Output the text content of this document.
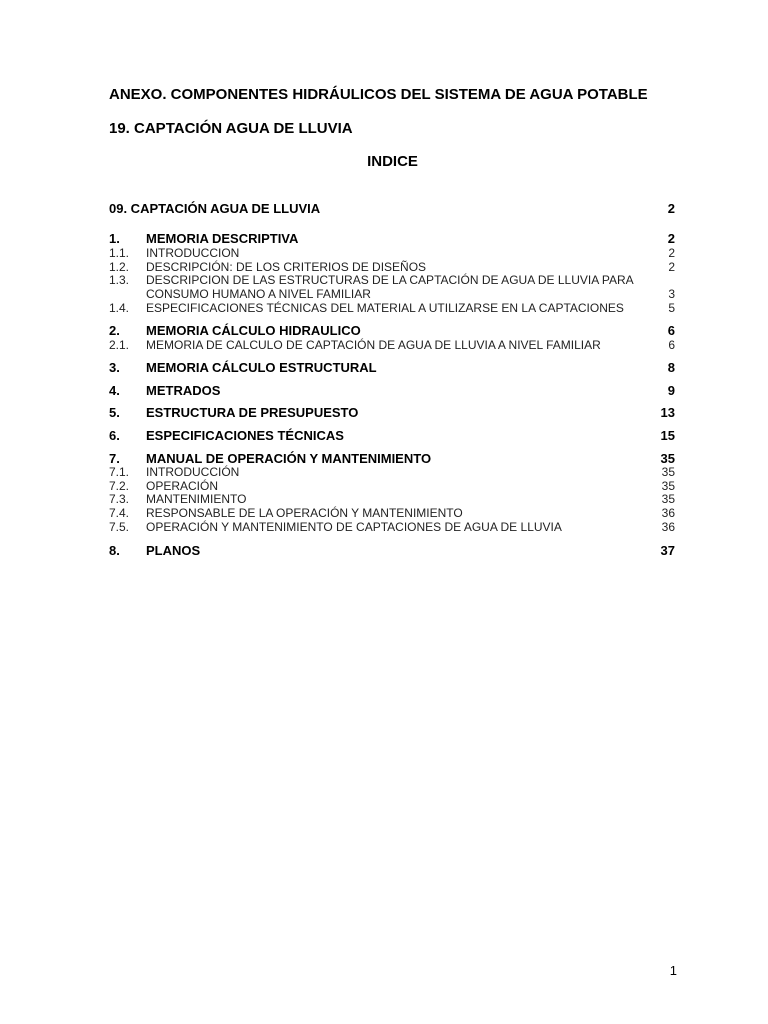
ANEXO. COMPONENTES HIDRÁULICOS DEL SISTEMA DE AGUA POTABLE
19. CAPTACIÓN AGUA DE LLUVIA
INDICE
09. CAPTACIÓN AGUA DE LLUVIA	2
1. MEMORIA DESCRIPTIVA	2
1.1. INTRODUCCION	2
1.2. DESCRIPCIÓN: DE LOS CRITERIOS DE DISEÑOS	2
1.3. DESCRIPCION DE LAS ESTRUCTURAS DE LA CAPTACIÓN DE AGUA DE LLUVIA PARA
CONSUMO HUMANO A NIVEL FAMILIAR	3
1.4. ESPECIFICACIONES TÉCNICAS DEL MATERIAL A UTILIZARSE EN LA CAPTACIONES	5
2. MEMORIA CÁLCULO HIDRAULICO	6
2.1. MEMORIA DE CALCULO DE CAPTACIÓN DE AGUA DE LLUVIA A NIVEL FAMILIAR	6
3. MEMORIA CÁLCULO ESTRUCTURAL	8
4. METRADOS	9
5. ESTRUCTURA DE PRESUPUESTO	13
6. ESPECIFICACIONES TÉCNICAS	15
7. MANUAL DE OPERACIÓN Y MANTENIMIENTO	35
7.1. INTRODUCCIÓN	35
7.2. OPERACIÓN	35
7.3. MANTENIMIENTO	35
7.4. RESPONSABLE DE LA OPERACIÓN Y MANTENIMIENTO	36
7.5. OPERACIÓN Y MANTENIMIENTO DE CAPTACIONES DE AGUA DE LLUVIA	36
8. PLANOS	37
1
